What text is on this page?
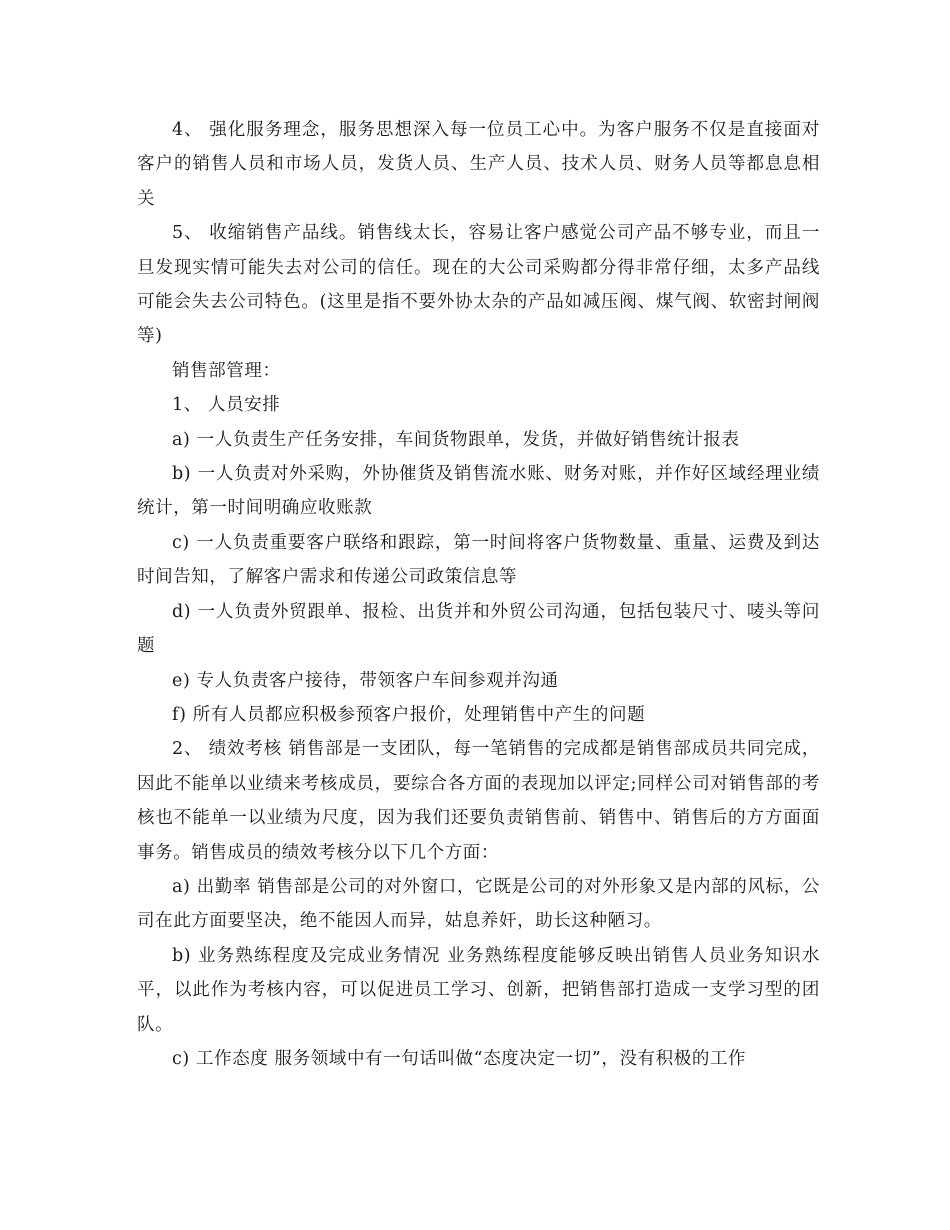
4、 强化服务理念，服务思想深入每一位员工心中。为客户服务不仅是直接面对客户的销售人员和市场人员，发货人员、生产人员、技术人员、财务人员等都息息相关

5、 收缩销售产品线。销售线太长，容易让客户感觉公司产品不够专业，而且一旦发现实情可能失去对公司的信任。现在的大公司采购都分得非常仔细，太多产品线可能会失去公司特色。(这里是指不要外协太杂的产品如减压阀、煤气阀、软密封闸阀等)

销售部管理：

1、 人员安排

a) 一人负责生产任务安排，车间货物跟单，发货，并做好销售统计报表

b) 一人负责对外采购，外协催货及销售流水账、财务对账，并作好区域经理业绩统计，第一时间明确应收账款

c) 一人负责重要客户联络和跟踪，第一时间将客户货物数量、重量、运费及到达时间告知，了解客户需求和传递公司政策信息等

d) 一人负责外贸跟单、报检、出货并和外贸公司沟通，包括包装尺寸、唛头等问题

e) 专人负责客户接待，带领客户车间参观并沟通

f) 所有人员都应积极参预客户报价，处理销售中产生的问题

2、 绩效考核 销售部是一支团队，每一笔销售的完成都是销售部成员共同完成，因此不能单以业绩来考核成员，要综合各方面的表现加以评定;同样公司对销售部的考核也不能单一以业绩为尺度，因为我们还要负责销售前、销售中、销售后的方方面面事务。销售成员的绩效考核分以下几个方面：

a) 出勤率 销售部是公司的对外窗口，它既是公司的对外形象又是内部的风标，公司在此方面要坚决，绝不能因人而异，姑息养奸，助长这种陋习。

b) 业务熟练程度及完成业务情况 业务熟练程度能够反映出销售人员业务知识水平，以此作为考核内容，可以促进员工学习、创新，把销售部打造成一支学习型的团队。

c) 工作态度 服务领域中有一句话叫做“态度决定一切”，没有积极的工作
